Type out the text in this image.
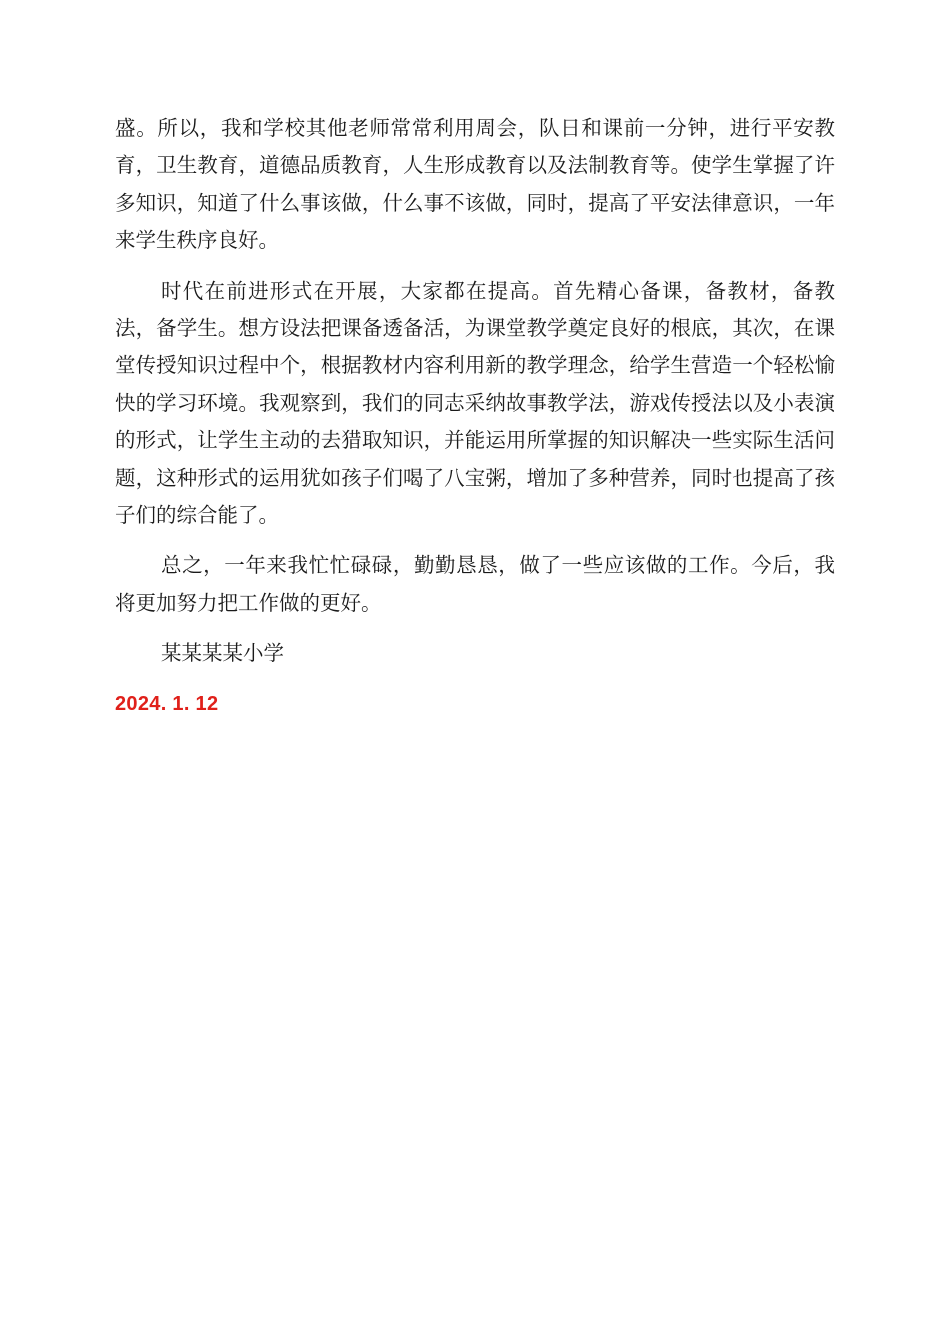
盛。所以，我和学校其他老师常常利用周会，队日和课前一分钟，进行平安教育，卫生教育，道德品质教育，人生形成教育以及法制教育等。使学生掌握了许多知识，知道了什么事该做，什么事不该做，同时，提高了平安法律意识，一年来学生秩序良好。

时代在前进形式在开展，大家都在提高。首先精心备课，备教材，备教法，备学生。想方设法把课备透备活，为课堂教学奠定良好的根底，其次，在课堂传授知识过程中个，根据教材内容利用新的教学理念，给学生营造一个轻松愉快的学习环境。我观察到，我们的同志采纳故事教学法，游戏传授法以及小表演的形式，让学生主动的去猎取知识，并能运用所掌握的知识解决一些实际生活问题，这种形式的运用犹如孩子们喝了八宝粥，增加了多种营养，同时也提高了孩子们的综合能了。

总之，一年来我忙忙碌碌，勤勤恳恳，做了一些应该做的工作。今后，我将更加努力把工作做的更好。

某某某某小学

2024. 1. 12
